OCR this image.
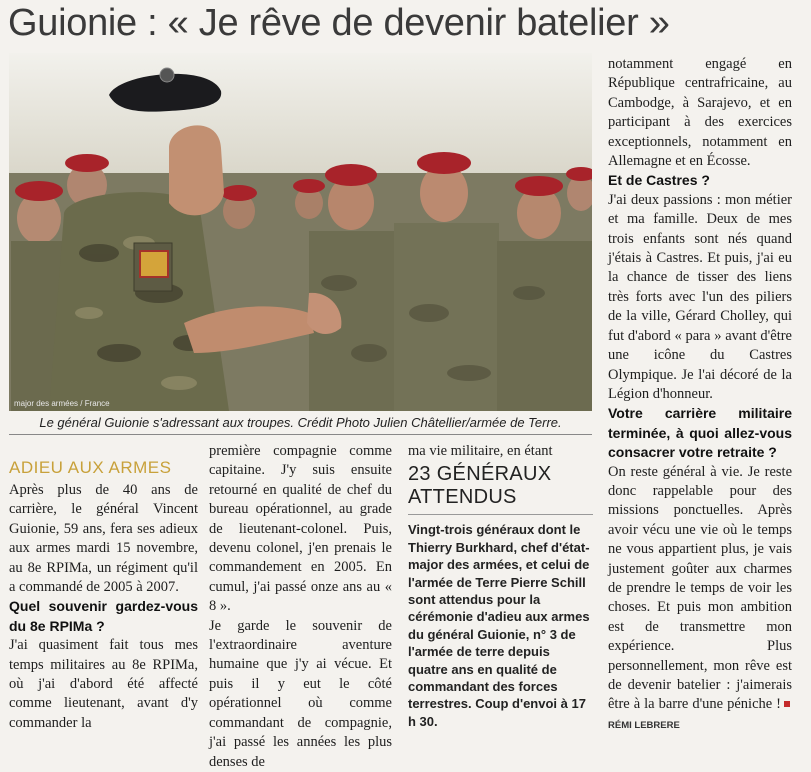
Guionie : « Je rêve de devenir batelier »
major des armées / France
Le général Guionie s'adressant aux troupes. Crédit Photo Julien Châtellier/armée de Terre.
ADIEU AUX ARMES

Après plus de 40 ans de carrière, le général Vincent Guionie, 59 ans, fera ses adieux aux armes mardi 15 novembre, au 8e RPIMa, un régiment qu'il a commandé de 2005 à 2007.

Quel souvenir gardez-vous du 8e RPIMa ?

J'ai quasiment fait tous mes temps militaires au 8e RPIMa, où j'ai d'abord été affecté comme lieutenant, avant d'y commander la

première compagnie comme capitaine. J'y suis ensuite retourné en qualité de chef du bureau opérationnel, au grade de lieutenant-colonel. Puis, devenu colonel, j'en prenais le commandement en 2005. En cumul, j'ai passé onze ans au « 8 ».

Je garde le souvenir de l'extraordinaire aventure humaine que j'y ai vécue. Et puis il y eut le côté opérationnel où comme commandant de compagnie, j'ai passé les années les plus denses de

ma vie militaire, en étant

23 GÉNÉRAUX ATTENDUS
Vingt-trois généraux dont le Thierry Burkhard, chef d'état-major des armées, et celui de l'armée de Terre Pierre Schill sont attendus pour la cérémonie d'adieu aux armes du général Guionie, n° 3 de l'armée de terre depuis quatre ans en qualité de commandant des forces terrestres. Coup d'envoi à 17 h 30.

notamment engagé en République centrafricaine, au Cambodge, à Sarajevo, et en participant à des exercices exceptionnels, notamment en Allemagne et en Écosse.

Et de Castres ?

J'ai deux passions : mon métier et ma famille. Deux de mes trois enfants sont nés quand j'étais à Castres. Et puis, j'ai eu la chance de tisser des liens très forts avec l'un des piliers de la ville, Gérard Cholley, qui fut d'abord « para » avant d'être une icône du Castres Olympique. Je l'ai décoré de la Légion d'honneur.

Votre carrière militaire terminée, à quoi allez-vous consacrer votre retraite ?

On reste général à vie. Je reste donc rappelable pour des missions ponctuelles. Après avoir vécu une vie où le temps ne vous appartient plus, je vais justement goûter aux charmes de prendre le temps de voir les choses. Et puis mon ambition est de transmettre mon expérience. Plus personnellement, mon rêve est de devenir batelier : j'aimerais être à la barre d'une péniche !RÉMI LEBRERE
